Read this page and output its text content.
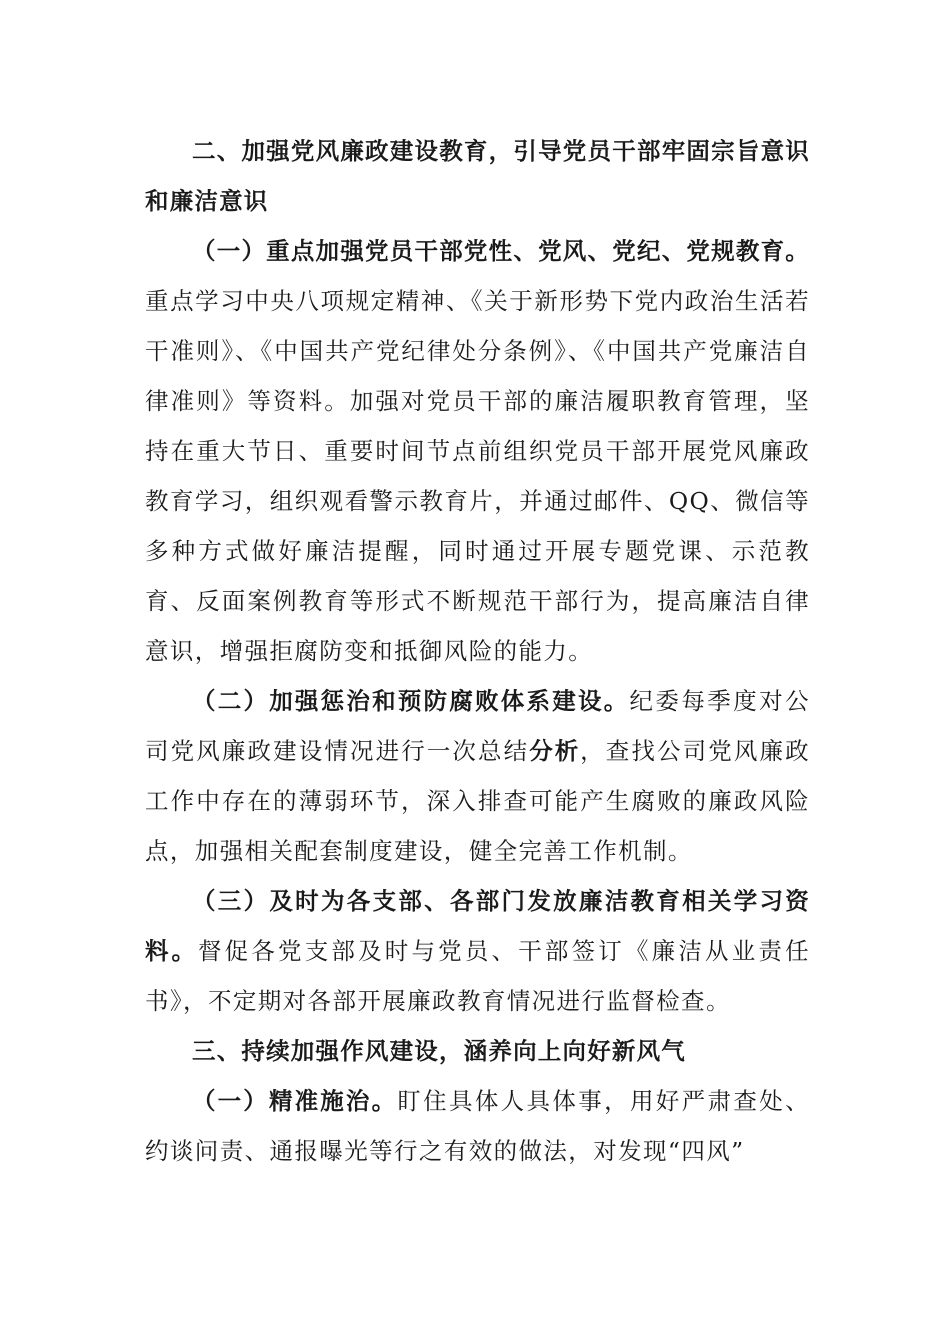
二、加强党风廉政建设教育，引导党员干部牢固宗旨意识和廉洁意识

（一）重点加强党员干部党性、党风、党纪、党规教育。重点学习中央八项规定精神、《关于新形势下党内政治生活若干准则》、《中国共产党纪律处分条例》、《中国共产党廉洁自律准则》等资料。加强对党员干部的廉洁履职教育管理，坚持在重大节日、重要时间节点前组织党员干部开展党风廉政教育学习，组织观看警示教育片，并通过邮件、QQ、微信等多种方式做好廉洁提醒，同时通过开展专题党课、示范教育、反面案例教育等形式不断规范干部行为，提高廉洁自律意识，增强拒腐防变和抵御风险的能力。

（二）加强惩治和预防腐败体系建设。纪委每季度对公司党风廉政建设情况进行一次总结分析，查找公司党风廉政工作中存在的薄弱环节，深入排查可能产生腐败的廉政风险点，加强相关配套制度建设，健全完善工作机制。

（三）及时为各支部、各部门发放廉洁教育相关学习资料。督促各党支部及时与党员、干部签订《廉洁从业责任书》，不定期对各部开展廉政教育情况进行监督检查。

三、持续加强作风建设，涵养向上向好新风气

（一）精准施治。盯住具体人具体事，用好严肃查处、约谈问责、通报曝光等行之有效的做法，对发现“四风”
